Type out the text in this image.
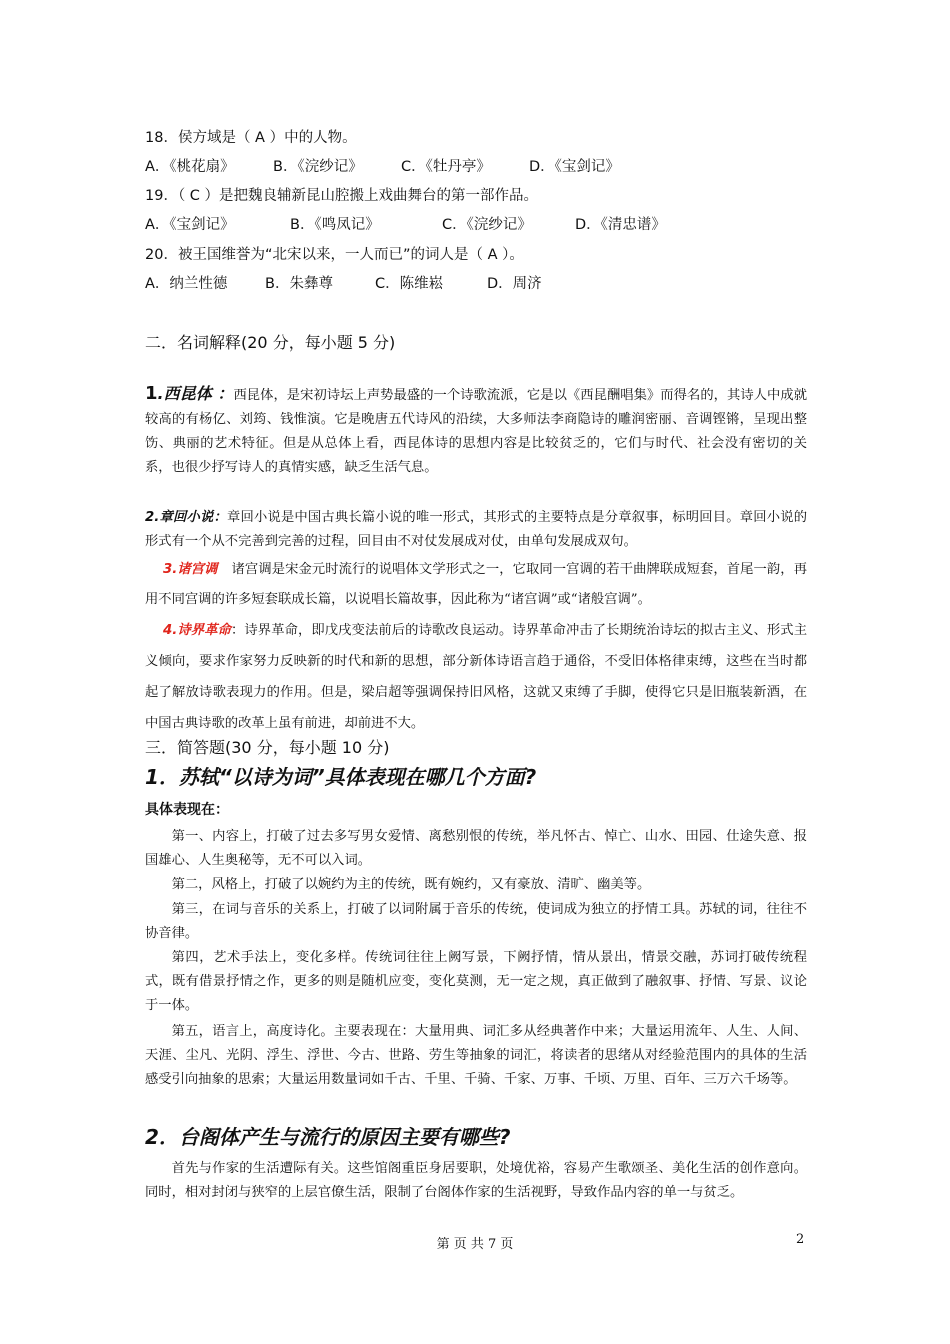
18．侯方域是（ A ）中的人物。
A．《桃花扇》	B．《浣纱记》	C．《牡丹亭》	D．《宝剑记》
19．（ C ）是把魏良辅新昆山腔搬上戏曲舞台的第一部作品。
A．《宝剑记》	B．《鸣凤记》	C．《浣纱记》	D．《清忠谱》
20．被王国维誉为“北宋以来，一人而已”的词人是（ A ）。
A．纳兰性德	B．朱彝尊	C．陈维崧	D．周济
二．名词解释(20 分，每小题 5 分)
1.西昆体 ：西昆体，是宋初诗坛上声势最盛的一个诗歌流派，它是以《西昆酬唱集》而得名的，其诗人中成就较高的有杨亿、刘筠、钱惟演。它是晚唐五代诗风的沿续，大多师法李商隐诗的雕润密丽、音调铿锵，呈现出整饬、典丽的艺术特征。但是从总体上看，西昆体诗的思想内容是比较贫乏的，它们与时代、社会没有密切的关系，也很少抒写诗人的真情实感，缺乏生活气息。
2.章回小说：章回小说是中国古典长篇小说的唯一形式，其形式的主要特点是分章叙事，标明回目。章回小说的形式有一个从不完善到完善的过程，回目由不对仗发展成对仗，由单句发展成双句。
3.诸宫调 诸宫调是宋金元时流行的说唱体文学形式之一，它取同一宫调的若干曲牌联成短套，首尾一韵，再用不同宫调的许多短套联成长篇，以说唱长篇故事，因此称为“诸宫调”或“诸般宫调”。
4.诗界革命：诗界革命，即戊戌变法前后的诗歌改良运动。诗界革命冲击了长期统治诗坛的拟古主义、形式主义倾向，要求作家努力反映新的时代和新的思想，部分新体诗语言趋于通俗，不受旧体格律束缚，这些在当时都起了解放诗歌表现力的作用。但是，梁启超等强调保持旧风格，这就又束缚了手脚，使得它只是旧瓶装新酒，在中国古典诗歌的改革上虽有前进，却前进不大。
三．简答题(30 分，每小题 10 分)
1．苏轼“以诗为词”具体表现在哪几个方面?
具体表现在：
第一、内容上，打破了过去多写男女爱情、离愁别恨的传统，举凡怀古、悼亡、山水、田园、仕途失意、报国雄心、人生奥秘等，无不可以入词。
第二，风格上，打破了以婉约为主的传统，既有婉约，又有豪放、清旷、幽美等。
第三，在词与音乐的关系上，打破了以词附属于音乐的传统，使词成为独立的抒情工具。苏轼的词，往往不协音律。
第四，艺术手法上，变化多样。传统词往往上阙写景，下阙抒情，情从景出，情景交融，苏词打破传统程式，既有借景抒情之作，更多的则是随机应变，变化莫测，无一定之规，真正做到了融叙事、抒情、写景、议论于一体。
第五，语言上，高度诗化。主要表现在：大量用典、词汇多从经典著作中来；大量运用流年、人生、人间、天涯、尘凡、光阴、浮生、浮世、今古、世路、劳生等抽象的词汇，将读者的思绪从对经验范围内的具体的生活感受引向抽象的思索；大量运用数量词如千古、千里、千骑、千家、万事、千顷、万里、百年、三万六千场等。
2．台阁体产生与流行的原因主要有哪些?
首先与作家的生活遭际有关。这些馆阁重臣身居要职，处境优裕，容易产生歌颂圣、美化生活的创作意向。同时，相对封闭与狭窄的上层官僚生活，限制了台阁体作家的生活视野，导致作品内容的单一与贫乏。
第 页 共 7 页	2
